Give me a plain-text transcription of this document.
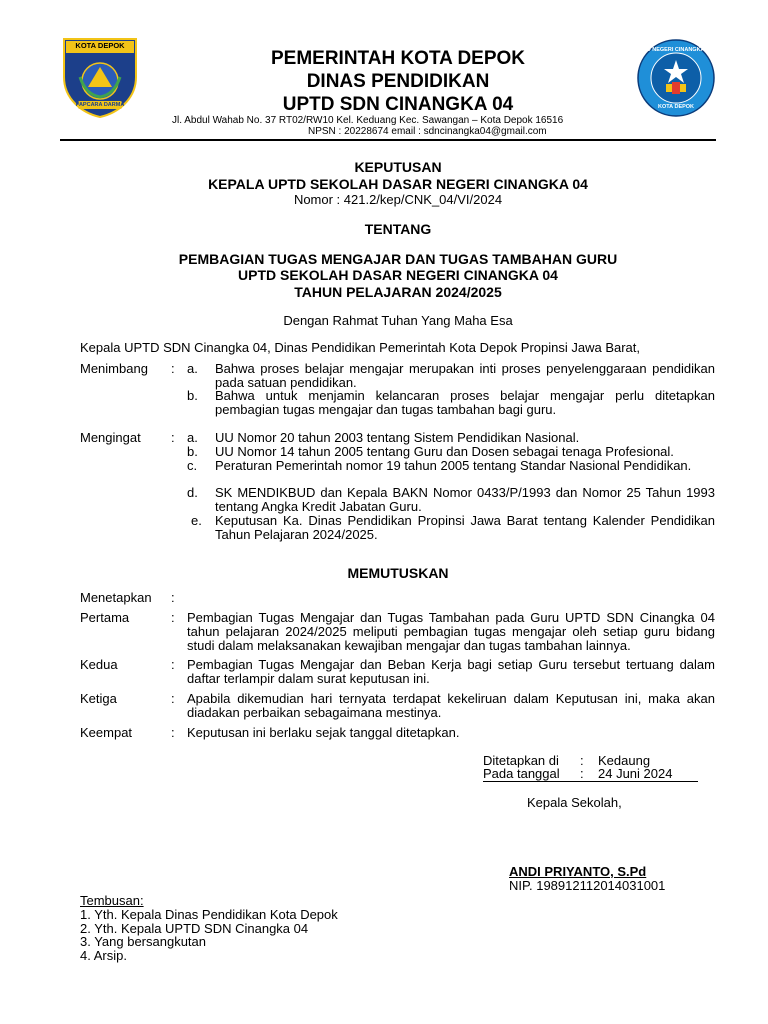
KOTA DEPOK
PAPCARA DARMA
PEMERINTAH KOTA DEPOK
DINAS PENDIDIKAN
UPTD SDN CINANGKA 04
Jl. Abdul Wahab No. 37 RT02/RW10 Kel. Keduang Kec. Sawangan – Kota Depok 16516
NPSN : 20228674 email : sdncinangka04@gmail.com
SD NEGERI CINANGKA 4
KOTA DEPOK
KEPUTUSAN
KEPALA UPTD SEKOLAH DASAR NEGERI CINANGKA 04
Nomor : 421.2/kep/CNK_04/VI/2024
TENTANG
PEMBAGIAN TUGAS MENGAJAR DAN TUGAS TAMBAHAN GURU
UPTD SEKOLAH DASAR NEGERI CINANGKA 04
TAHUN PELAJARAN 2024/2025
Dengan Rahmat Tuhan Yang Maha Esa
Kepala UPTD SDN Cinangka 04, Dinas Pendidikan Pemerintah Kota Depok Propinsi Jawa Barat,
Menimbang : a. Bahwa proses belajar mengajar merupakan inti proses penyelenggaraan pendidikan pada satuan pendidikan.
b. Bahwa untuk menjamin kelancaran proses belajar mengajar perlu ditetapkan pembagian tugas mengajar dan tugas tambahan bagi guru.
Mengingat : a. UU Nomor 20 tahun 2003 tentang Sistem Pendidikan Nasional.
b. UU Nomor 14 tahun 2005 tentang Guru dan Dosen sebagai tenaga Profesional.
c. Peraturan Pemerintah nomor 19 tahun 2005 tentang Standar Nasional Pendidikan.
d. SK MENDIKBUD dan Kepala BAKN Nomor 0433/P/1993 dan Nomor 25 Tahun 1993 tentang Angka Kredit Jabatan Guru.
e. Keputusan Ka. Dinas Pendidikan Propinsi Jawa Barat tentang Kalender Pendidikan Tahun Pelajaran 2024/2025.
MEMUTUSKAN
Menetapkan :
Pertama	: Pembagian Tugas Mengajar dan Tugas Tambahan pada Guru UPTD SDN Cinangka 04 tahun pelajaran 2024/2025 meliputi pembagian tugas mengajar oleh setiap guru bidang studi dalam melaksanakan kewajiban mengajar dan tugas tambahan lainnya.
Kedua	: Pembagian Tugas Mengajar dan Beban Kerja bagi setiap Guru tersebut tertuang dalam daftar terlampir dalam surat keputusan ini.
Ketiga	: Apabila dikemudian hari ternyata terdapat kekeliruan dalam Keputusan ini, maka akan diadakan perbaikan sebagaimana mestinya.
Keempat	: Keputusan ini berlaku sejak tanggal ditetapkan.
Ditetapkan di : Kedaung
Pada tanggal : 24 Juni 2024
Kepala Sekolah,
ANDI PRIYANTO, S.Pd
NIP. 198912112014031001
Tembusan:
1. Yth. Kepala Dinas Pendidikan Kota Depok
2. Yth. Kepala UPTD SDN Cinangka 04
3. Yang bersangkutan
4. Arsip.
